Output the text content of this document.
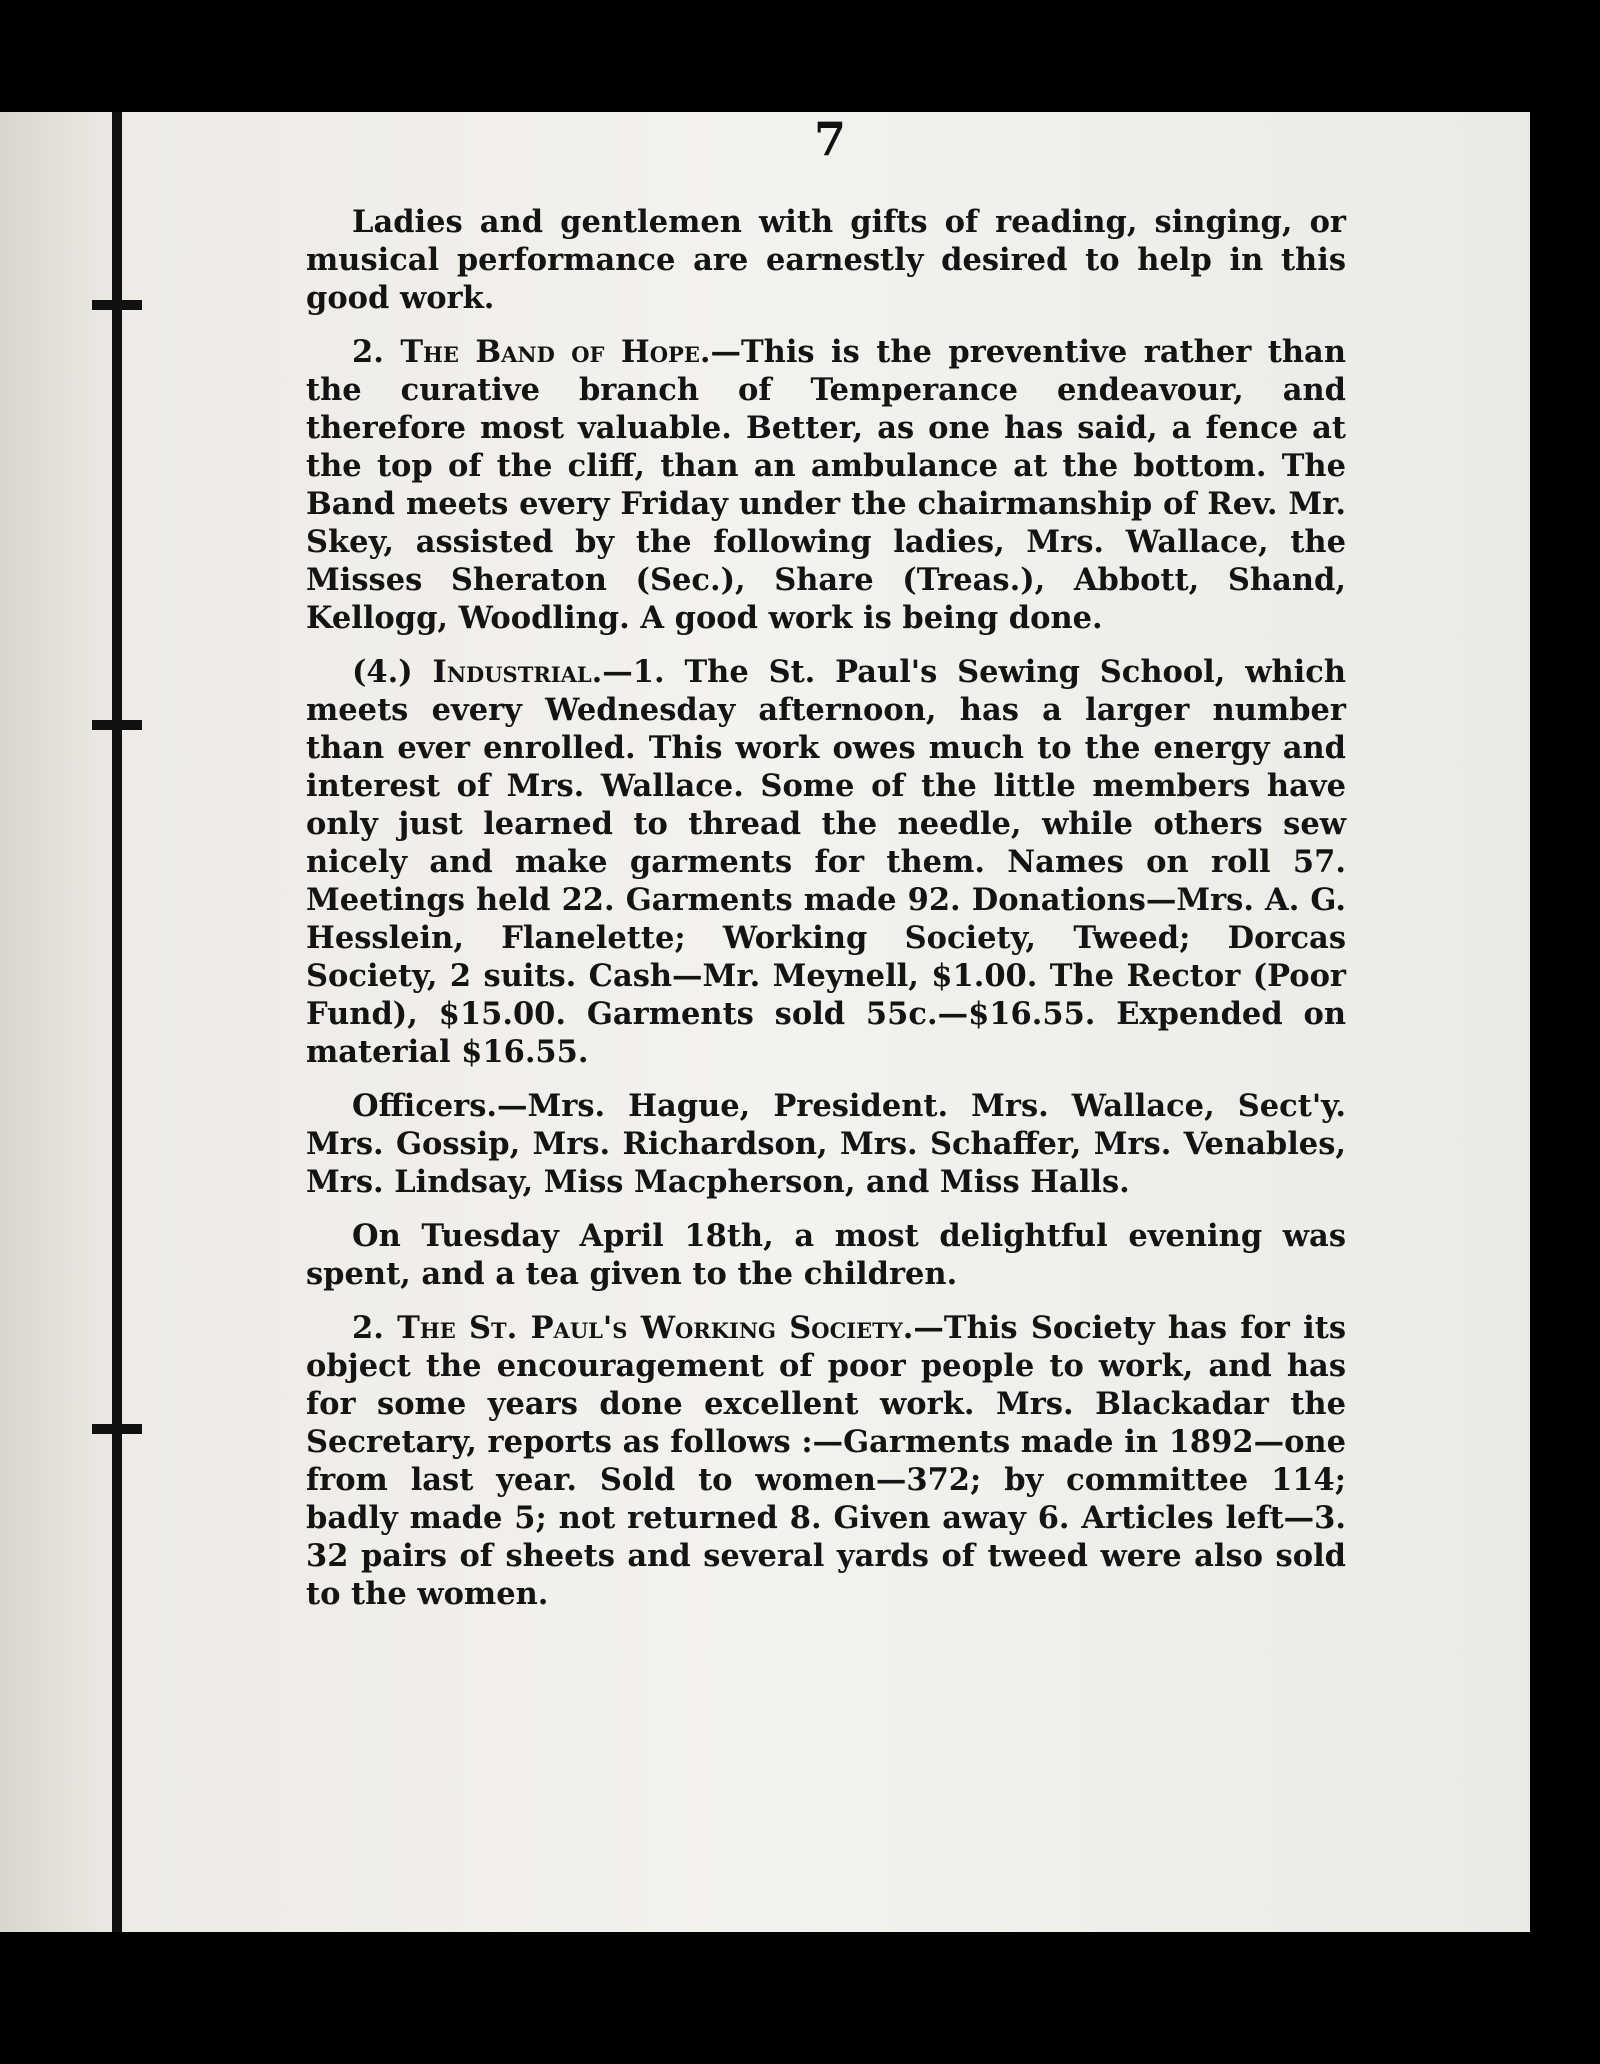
7

Ladies and gentlemen with gifts of reading, singing, or musical performance are earnestly desired to help in this good work.

2. The Band of Hope.—This is the preventive rather than the curative branch of Temperance endeavour, and therefore most valuable. Better, as one has said, a fence at the top of the cliff, than an ambulance at the bottom. The Band meets every Friday under the chairmanship of Rev. Mr. Skey, assisted by the following ladies, Mrs. Wallace, the Misses Sheraton (Sec.), Share (Treas.), Abbott, Shand, Kellogg, Woodling. A good work is being done.

(4.) Industrial.—1. The St. Paul's Sewing School, which meets every Wednesday afternoon, has a larger number than ever enrolled. This work owes much to the energy and interest of Mrs. Wallace. Some of the little members have only just learned to thread the needle, while others sew nicely and make garments for them. Names on roll 57. Meetings held 22. Garments made 92. Donations—Mrs. A. G. Hesslein, Flanelette; Working Society, Tweed; Dorcas Society, 2 suits. Cash—Mr. Meynell, $1.00. The Rector (Poor Fund), $15.00. Garments sold 55c.—$16.55. Expended on material $16.55.

Officers.—Mrs. Hague, President. Mrs. Wallace, Sect'y. Mrs. Gossip, Mrs. Richardson, Mrs. Schaffer, Mrs. Venables, Mrs. Lindsay, Miss Macpherson, and Miss Halls.

On Tuesday April 18th, a most delightful evening was spent, and a tea given to the children.

2. The St. Paul's Working Society.—This Society has for its object the encouragement of poor people to work, and has for some years done excellent work. Mrs. Blackadar the Secretary, reports as follows :—Garments made in 1892—one from last year. Sold to women—372; by committee 114; badly made 5; not returned 8. Given away 6. Articles left—3. 32 pairs of sheets and several yards of tweed were also sold to the women.
